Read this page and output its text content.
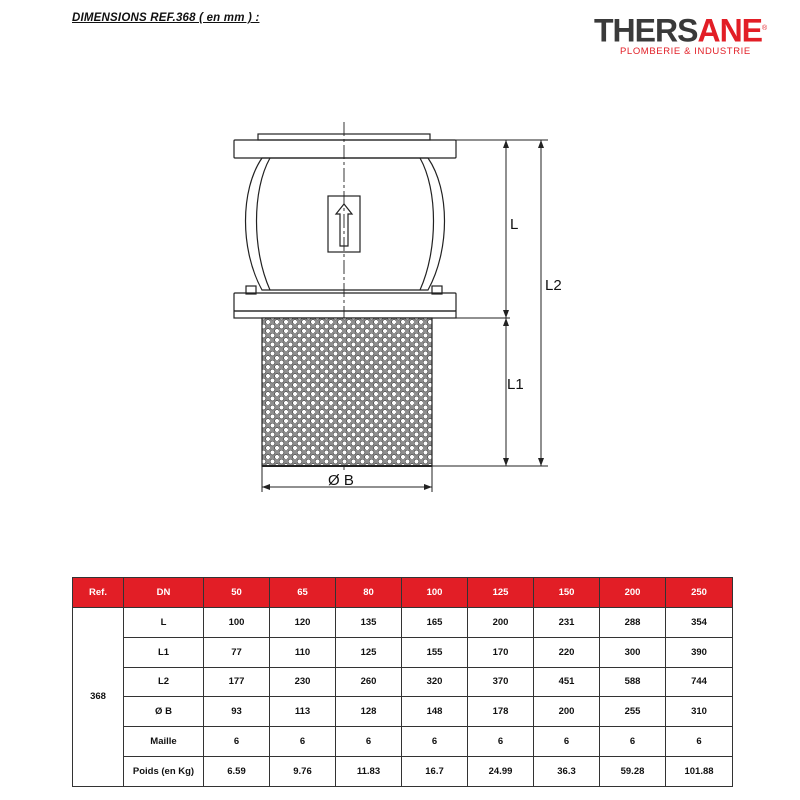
DIMENSIONS REF.368 ( en mm ) :	THERSANE®
PLOMBERIE & INDUSTRIE
L
L1
L2
Ø B
Ref.	DN	50	65	80	100	125	150	200	250
368	L	100	120	135	165	200	231	288	354
	L1	77	110	125	155	170	220	300	390
	L2	177	230	260	320	370	451	588	744
	Ø B	93	113	128	148	178	200	255	310
	Maille	6	6	6	6	6	6	6	6
	Poids (en Kg)	6.59	9.76	11.83	16.7	24.99	36.3	59.28	101.88
